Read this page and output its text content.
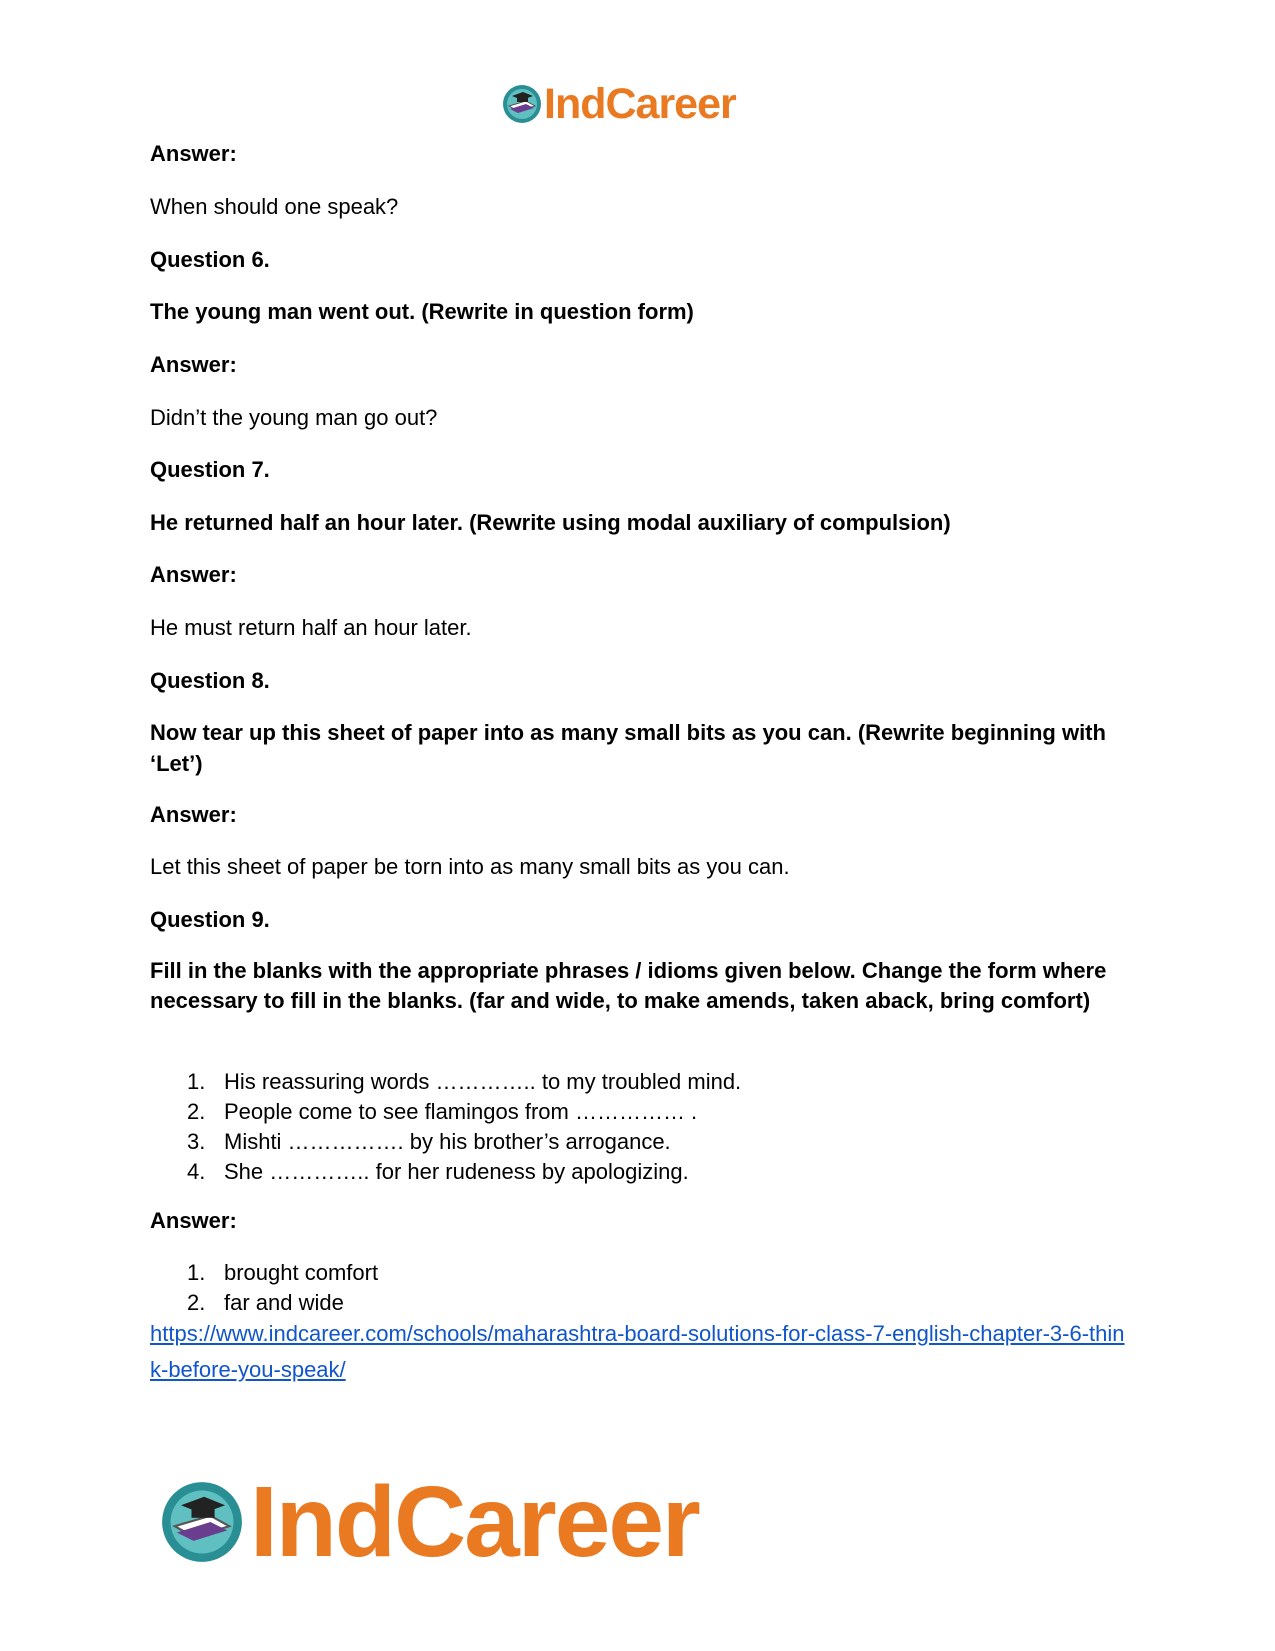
IndCareer

Answer:

When should one speak?

Question 6.

The young man went out. (Rewrite in question form)

Answer:

Didn’t the young man go out?

Question 7.

He returned half an hour later. (Rewrite using modal auxiliary of compulsion)

Answer:

He must return half an hour later.

Question 8.

Now tear up this sheet of paper into as many small bits as you can. (Rewrite beginning with ‘Let’)

Answer:

Let this sheet of paper be torn into as many small bits as you can.

Question 9.

Fill in the blanks with the appropriate phrases / idioms given below. Change the form where necessary to fill in the blanks. (far and wide, to make amends, taken aback, bring comfort)

1. His reassuring words ………….. to my troubled mind.
2. People come to see flamingos from …………… .
3. Mishti ……………. by his brother’s arrogance.
4. She ………….. for her rudeness by apologizing.

Answer:

1. brought comfort
2. far and wide
https://www.indcareer.com/schools/maharashtra-board-solutions-for-class-7-english-chapter-3-6-think-before-you-speak/
IndCareer
